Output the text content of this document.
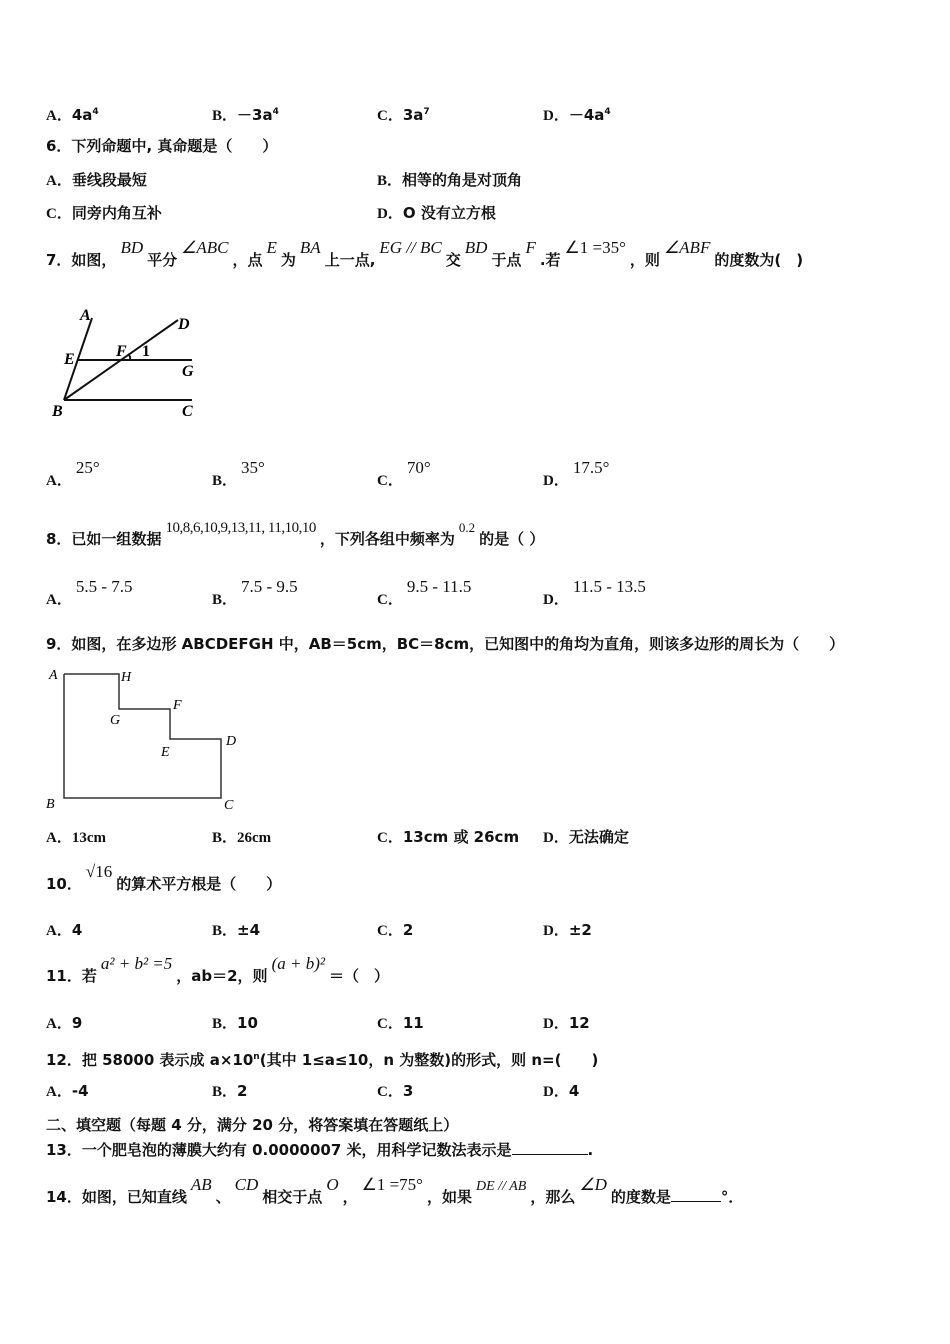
A．$4a^4$	B．$-3a^4$	C．$3a^7$	D．$-4a^4$
6．下列命题中, 真命题是（　　）
A．垂线段最短	B．相等的角是对顶角
C．同旁内角互补	D．O 没有立方根
7．如图，BD平分∠ABC，点E为BA上一点,EG // BC交BD于点F.若∠1 =35°，则∠ABF的度数为(　)
A
D
E	F 1
G
B	C
A．25°
B．35°
C．70°
D．17.5°
8．已如一组数据10,8,6,10,9,13,11, 11,10,10，下列各组中频率为0.2的是（ ）
A．5.5 - 7.5
B．7.5 - 9.5
C．9.5 - 11.5
D．11.5 - 13.5
9．如图，在多边形 ABCDEFGH 中，AB＝5cm，BC＝8cm，已知图中的角均为直角，则该多边形的周长为（　　）
A	H
G
F
E
D
B	C
A．13cm	B．26cm	C．13cm 或 26cm D．无法确定
10．√16的算术平方根是（　　）
A．4	B．±4	C．2	D．±2
11．若a² + b² =5，ab＝2，则(a + b)²＝（　）
A．9	B．10	C．11	D．12
12．把 58000 表示成 $a\times 10^n$(其中 1≤a≤10，n 为整数)的形式，则 n=(　　)
A．-4	B．2	C．3	D．4
二、填空题（每题 4 分，满分 20 分，将答案填在答题纸上）
13．一个肥皂泡的薄膜大约有 0.0000007 米，用科学记数法表示是	.
14．如图，已知直线AB、CD相交于点O，∠1 =75°，如果DE // AB，那么∠D的度数是	°．
